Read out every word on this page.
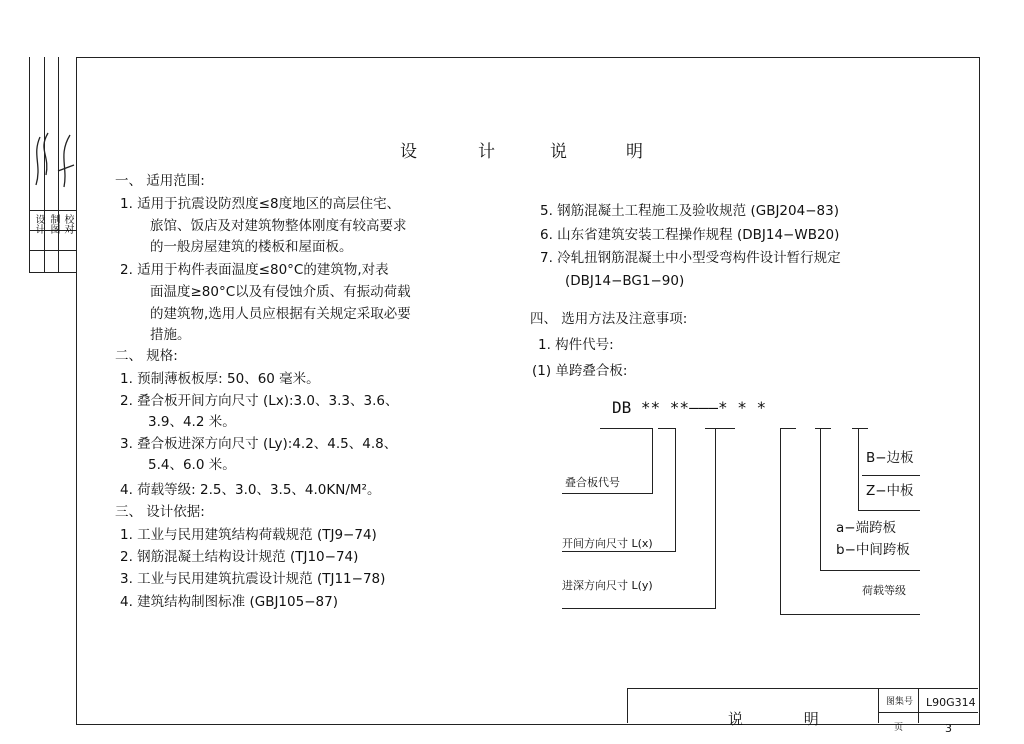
设计 制图 校对
设	计	说	明
一、 适用范围:
1. 适用于抗震设防烈度≤8度地区的高层住宅、
旅馆、饭店及对建筑物整体刚度有较高要求
的一般房屋建筑的楼板和屋面板。
2. 适用于构件表面温度≤80°C的建筑物,对表
面温度≥80°C以及有侵蚀介质、有振动荷载
的建筑物,选用人员应根据有关规定采取必要
措施。
二、 规格:
1. 预制薄板板厚: 50、60 毫米。
2. 叠合板开间方向尺寸 (Lx):3.0、3.3、3.6、
3.9、4.2 米。
3. 叠合板进深方向尺寸 (Ly):4.2、4.5、4.8、
5.4、6.0 米。
4. 荷载等级: 2.5、3.0、3.5、4.0KN/M²。
三、 设计依据:
1. 工业与民用建筑结构荷载规范 (TJ9−74)
2. 钢筋混凝土结构设计规范 (TJ10−74)
3. 工业与民用建筑抗震设计规范 (TJ11−78)
4. 建筑结构制图标准 (GBJ105−87)
5. 钢筋混凝土工程施工及验收规范 (GBJ204−83)
6. 山东省建筑安装工程操作规程 (DBJ14−WB20)
7. 冷轧扭钢筋混凝土中小型受弯构件设计暂行规定
(DBJ14−BG1−90)
四、 选用方法及注意事项:
1. 构件代号:
(1) 单跨叠合板:
DB ** **———* * *
叠合板代号
开间方向尺寸 L(x)
进深方向尺寸 L(y)	荷载等级
B−边板
Z−中板
a−端跨板
b−中间跨板
说 明
图集号 L90G314
页	3
